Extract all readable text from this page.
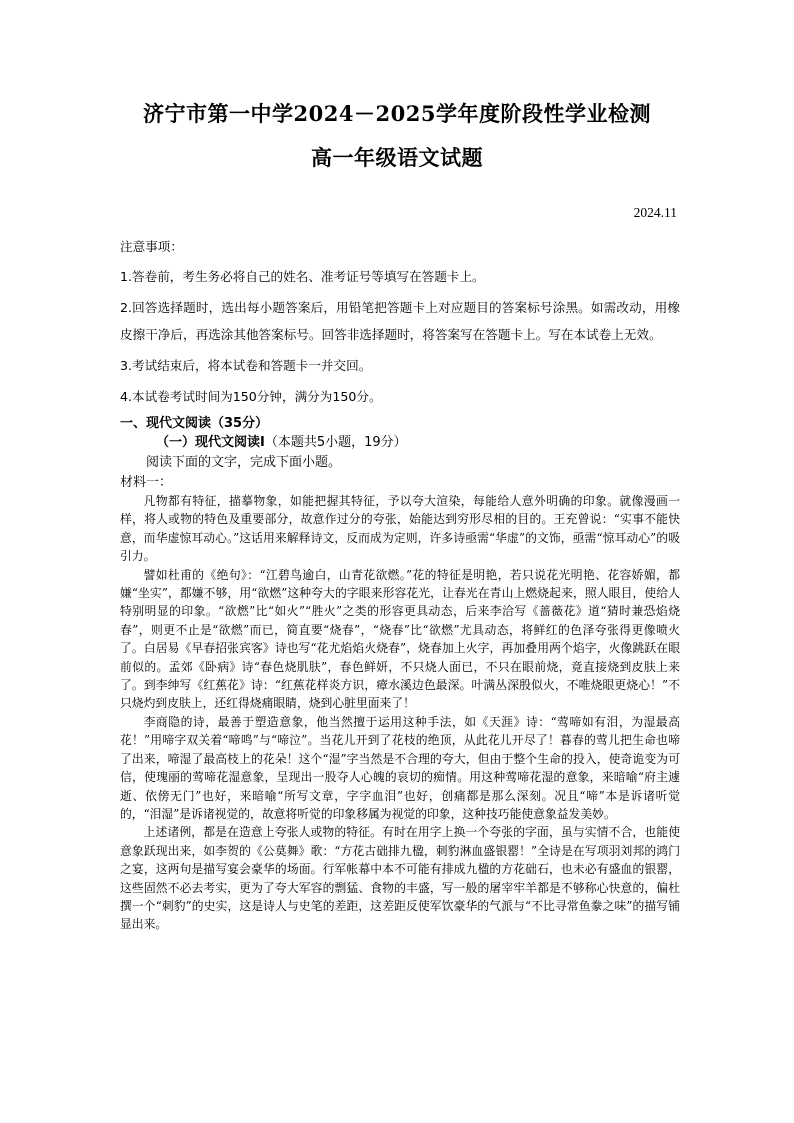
济宁市第一中学2024－2025学年度阶段性学业检测
高一年级语文试题
2024.11

注意事项：

1.答卷前，考生务必将自己的姓名、准考证号等填写在答题卡上。

2.回答选择题时，选出每小题答案后，用铅笔把答题卡上对应题目的答案标号涂黑。如需改动，用橡皮擦干净后，再选涂其他答案标号。回答非选择题时，将答案写在答题卡上。写在本试卷上无效。

3.考试结束后，将本试卷和答题卡一并交回。

4.本试卷考试时间为150分钟，满分为150分。

一、现代文阅读（35分）
（一）现代文阅读Ⅰ（本题共5小题，19分）
阅读下面的文字，完成下面小题。
材料一：

凡物都有特征，描摹物象，如能把握其特征，予以夸大渲染，每能给人意外明确的印象。就像漫画一样，将人或物的特色及重要部分，故意作过分的夸张，始能达到穷形尽相的目的。王充曾说：“实事不能快意，而华虚惊耳动心。”这话用来解释诗文，反而成为定则，许多诗亟需“华虚”的文饰，亟需“惊耳动心”的吸引力。

譬如杜甫的《绝句》：“江碧鸟逾白，山青花欲燃。”花的特征是明艳，若只说花光明艳、花容娇媚，都嫌“坐实”，都嫌不够，用“欲燃”这种夸大的字眼来形容花光，让春光在青山上燃烧起来，照人眼目，使给人特别明显的印象。“欲燃”比“如火”“胜火”之类的形容更具动态，后来李洽写《蔷薇花》道“猜时兼恐焰烧春”，则更不止是“欲燃”而已，简直要“烧春”，“烧春”比“欲燃”尤具动态，将鲜红的色泽夸张得更像喷火了。白居易《早春招张宾客》诗也写“花尤焰焰火烧春”，烧春加上火字，再加叠用两个焰字，火像跳跃在眼前似的。孟郊《卧病》诗“春色烧肌肤”，春色鲜妍，不只烧人面已，不只在眼前烧，竟直接烧到皮肤上来了。到李绅写《红蕉花》诗：“红蕉花样炎方识，瘴水溪边色最深。叶满丛深殷似火，不唯烧眼更烧心！”不只烧灼到皮肤上，还红得烧痛眼睛，烧到心脏里面来了！

李商隐的诗，最善于塑造意象，他当然擅于运用这种手法，如《天涯》诗：“莺啼如有泪，为湿最高花！”用啼字双关着“啼鸣”与“啼泣”。当花儿开到了花枝的绝顶，从此花儿开尽了！暮春的莺儿把生命也啼了出来，啼湿了最高枝上的花朵！这个“湿”字当然是不合理的夸大，但由于整个生命的投入，使奇诡变为可信，使瑰丽的莺啼花湿意象，呈现出一股夺人心魄的哀切的痴情。用这种莺啼花湿的意象，来暗喻“府主遽逝、依傍无门”也好，来暗喻“所写文章，字字血泪”也好，创痛都是那么深刻。况且“啼”本是诉诸听觉的，“泪湿”是诉诸视觉的，故意将听觉的印象移属为视觉的印象，这种技巧能使意象益发美妙。

上述诸例，都是在造意上夸张人或物的特征。有时在用字上换一个夸张的字面，虽与实情不合，也能使意象跃现出来，如李贺的《公莫舞》歌：“方花古础排九楹，刺豹淋血盛银罂！”全诗是在写项羽刘邦的鸿门之宴，这两句是描写宴会豪华的场面。行军帐幕中本不可能有排成九楹的方花础石，也未必有盛血的银罂，这些固然不必去考实，更为了夸大军容的剽猛、食物的丰盛，写一般的屠宰牢羊都是不够称心快意的，偏杜撰一个“刺豹”的史实，这是诗人与史笔的差距，这差距反使军饮豪华的气派与“不比寻常鱼豢之味”的描写铺显出来。
